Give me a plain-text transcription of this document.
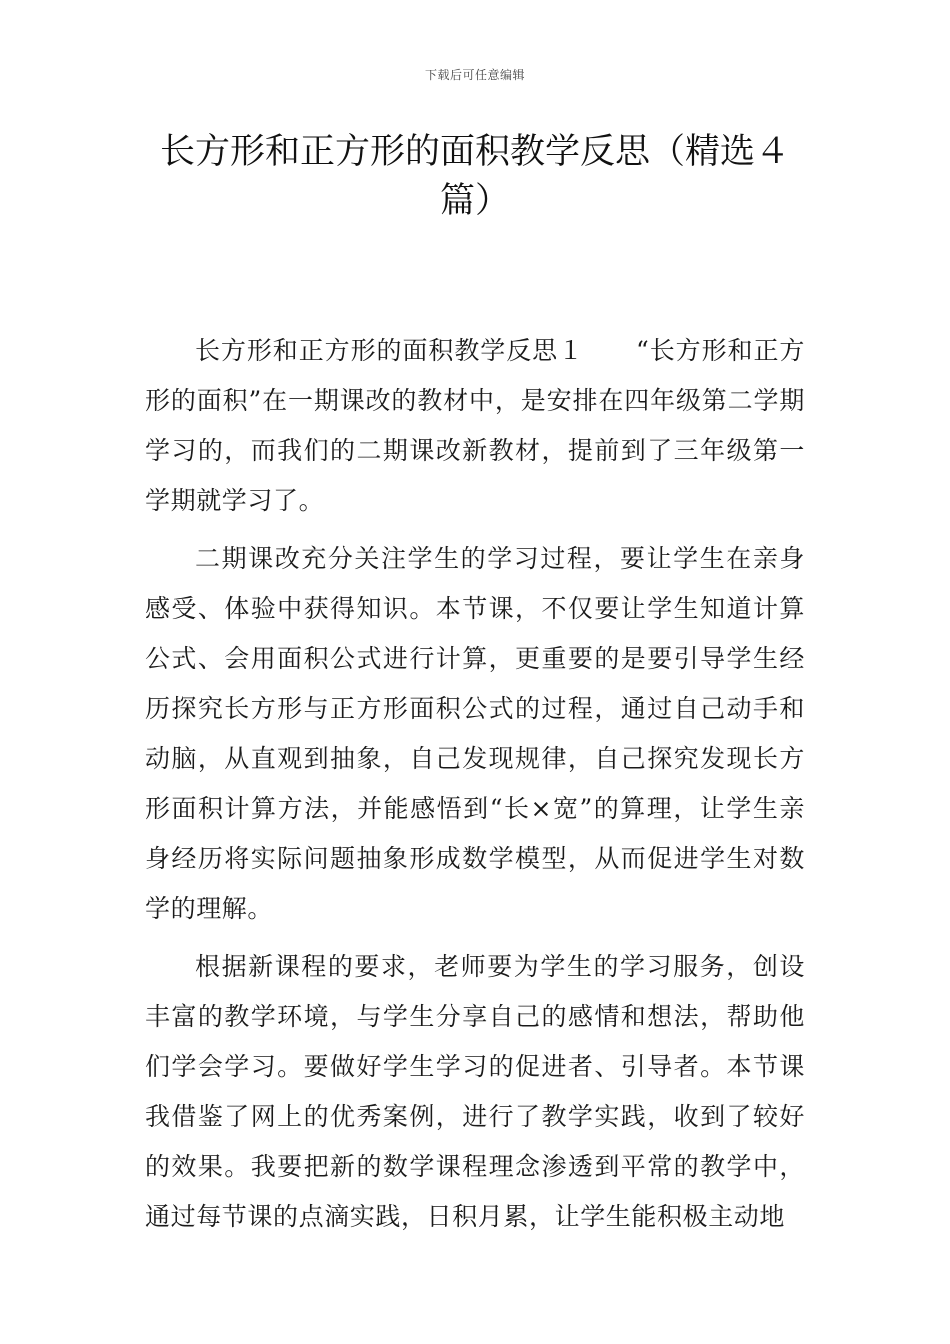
下载后可任意编辑
长方形和正方形的面积教学反思（精选４篇）

长方形和正方形的面积教学反思１ “长方形和正方形的面积”在一期课改的教材中，是安排在四年级第二学期学习的，而我们的二期课改新教材，提前到了三年级第一学期就学习了。

二期课改充分关注学生的学习过程，要让学生在亲身感受、体验中获得知识。本节课，不仅要让学生知道计算公式、会用面积公式进行计算，更重要的是要引导学生经历探究长方形与正方形面积公式的过程，通过自己动手和动脑，从直观到抽象，自己发现规律，自己探究发现长方形面积计算方法，并能感悟到“长×宽”的算理，让学生亲身经历将实际问题抽象形成数学模型，从而促进学生对数学的理解。

根据新课程的要求，老师要为学生的学习服务，创设丰富的教学环境，与学生分享自己的感情和想法，帮助他们学会学习。要做好学生学习的促进者、引导者。本节课我借鉴了网上的优秀案例，进行了教学实践，收到了较好的效果。我要把新的数学课程理念渗透到平常的教学中，通过每节课的点滴实践，日积月累，让学生能积极主动地
